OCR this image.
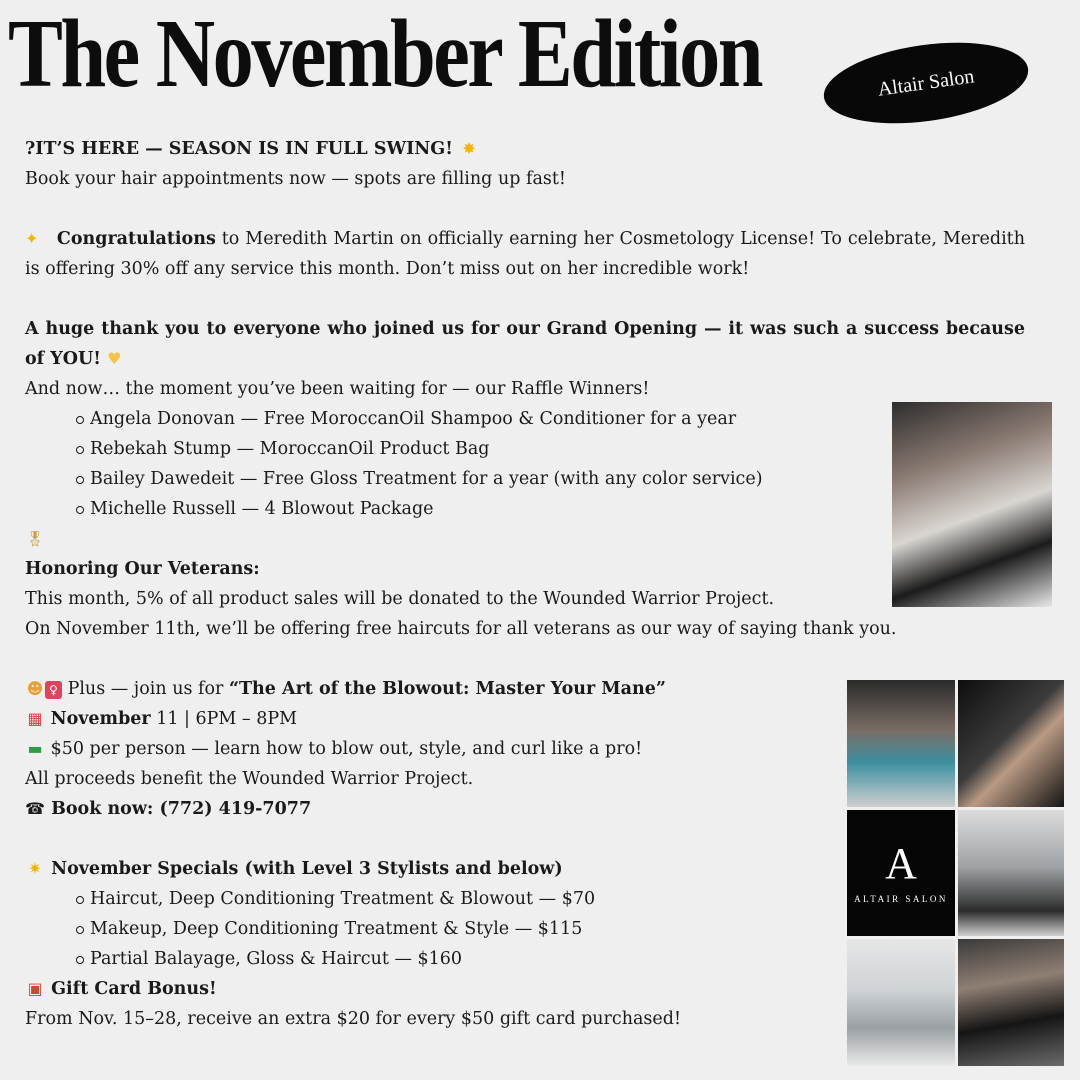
The November Edition	Altair Salon
?IT’S HERE — SEASON IS IN FULL SWING! ✸
Book your hair appointments now — spots are filling up fast!
✦ Congratulations to Meredith Martin on officially earning her Cosmetology License! To celebrate, Meredith is offering 30% off any service this month. Don’t miss out on her incredible work!
A huge thank you to everyone who joined us for our Grand Opening — it was such a success because of YOU! ♥
And now… the moment you’ve been waiting for — our Raffle Winners!
Angela Donovan — Free MoroccanOil Shampoo & Conditioner for a year
Rebekah Stump — MoroccanOil Product Bag
Bailey Dawedeit — Free Gloss Treatment for a year (with any color service)
Michelle Russell — 4 Blowout Package
🎖
Honoring Our Veterans:
This month, 5% of all product sales will be donated to the Wounded Warrior Project.
On November 11th, we’ll be offering free haircuts for all veterans as our way of saying thank you.
☻ ♀ Plus — join us for “The Art of the Blowout: Master Your Mane”
▦ November 11 | 6PM – 8PM
▬ $50 per person — learn how to blow out, style, and curl like a pro!
All proceeds benefit the Wounded Warrior Project.
☎ Book now: (772) 419-7077
✷ November Specials (with Level 3 Stylists and below)
Haircut, Deep Conditioning Treatment & Blowout — $70
Makeup, Deep Conditioning Treatment & Style — $115
Partial Balayage, Gloss & Haircut — $160
▣ Gift Card Bonus!
From Nov. 15–28, receive an extra $20 for every $50 gift card purchased!
A
ALTAIR SALON
